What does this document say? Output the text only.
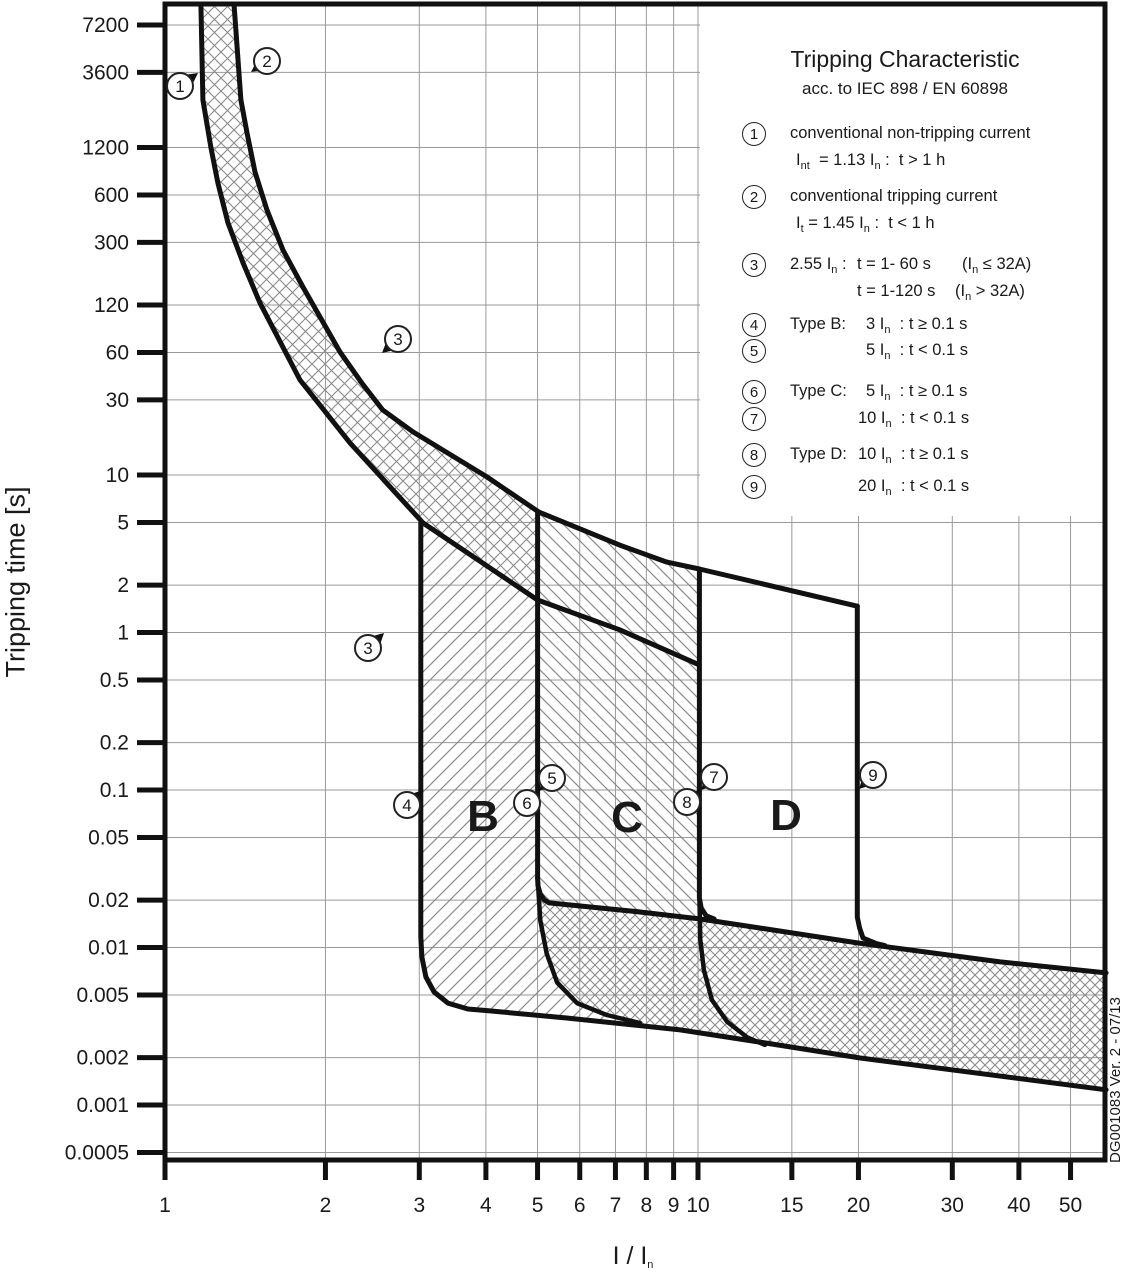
7200
3600
1200
600
300
120
60
30
10
5
2
1
0.5
0.2
0.1
0.05
0.02
0.01
0.005
0.002
0.001
0.0005
1	2	3	4 5 6 7 8 9 10	15 20	30 40 50
B	C	D
1
2
3
3
4
5
6
7
8
9
Tripping time [s]
I / In
DG001083 Ver. 2 - 07/13
Tripping Characteristic
acc. to IEC 898 / EN 60898
1	conventional non-tripping current
$I_{nt} = 1.13$ $I_n$ :  t > 1 h
2	conventional tripping current
$I_t = 1.45$ $I_n$ :  t < 1 h
3	2.55 $I_n$ : t = 1- 60 s $(I_n \le 32A)$
t = 1-120 s $(I_n > 32A)$
4	Type B: 3 $I_n$  : t ≥ 0.1 s
5	5 $I_n$  : t < 0.1 s
6	Type C: 5 $I_n$  : t ≥ 0.1 s
7	10 $I_n$  : t < 0.1 s
8	Type D: 10 $I_n$  : t ≥ 0.1 s
9	20 $I_n$  : t < 0.1 s
